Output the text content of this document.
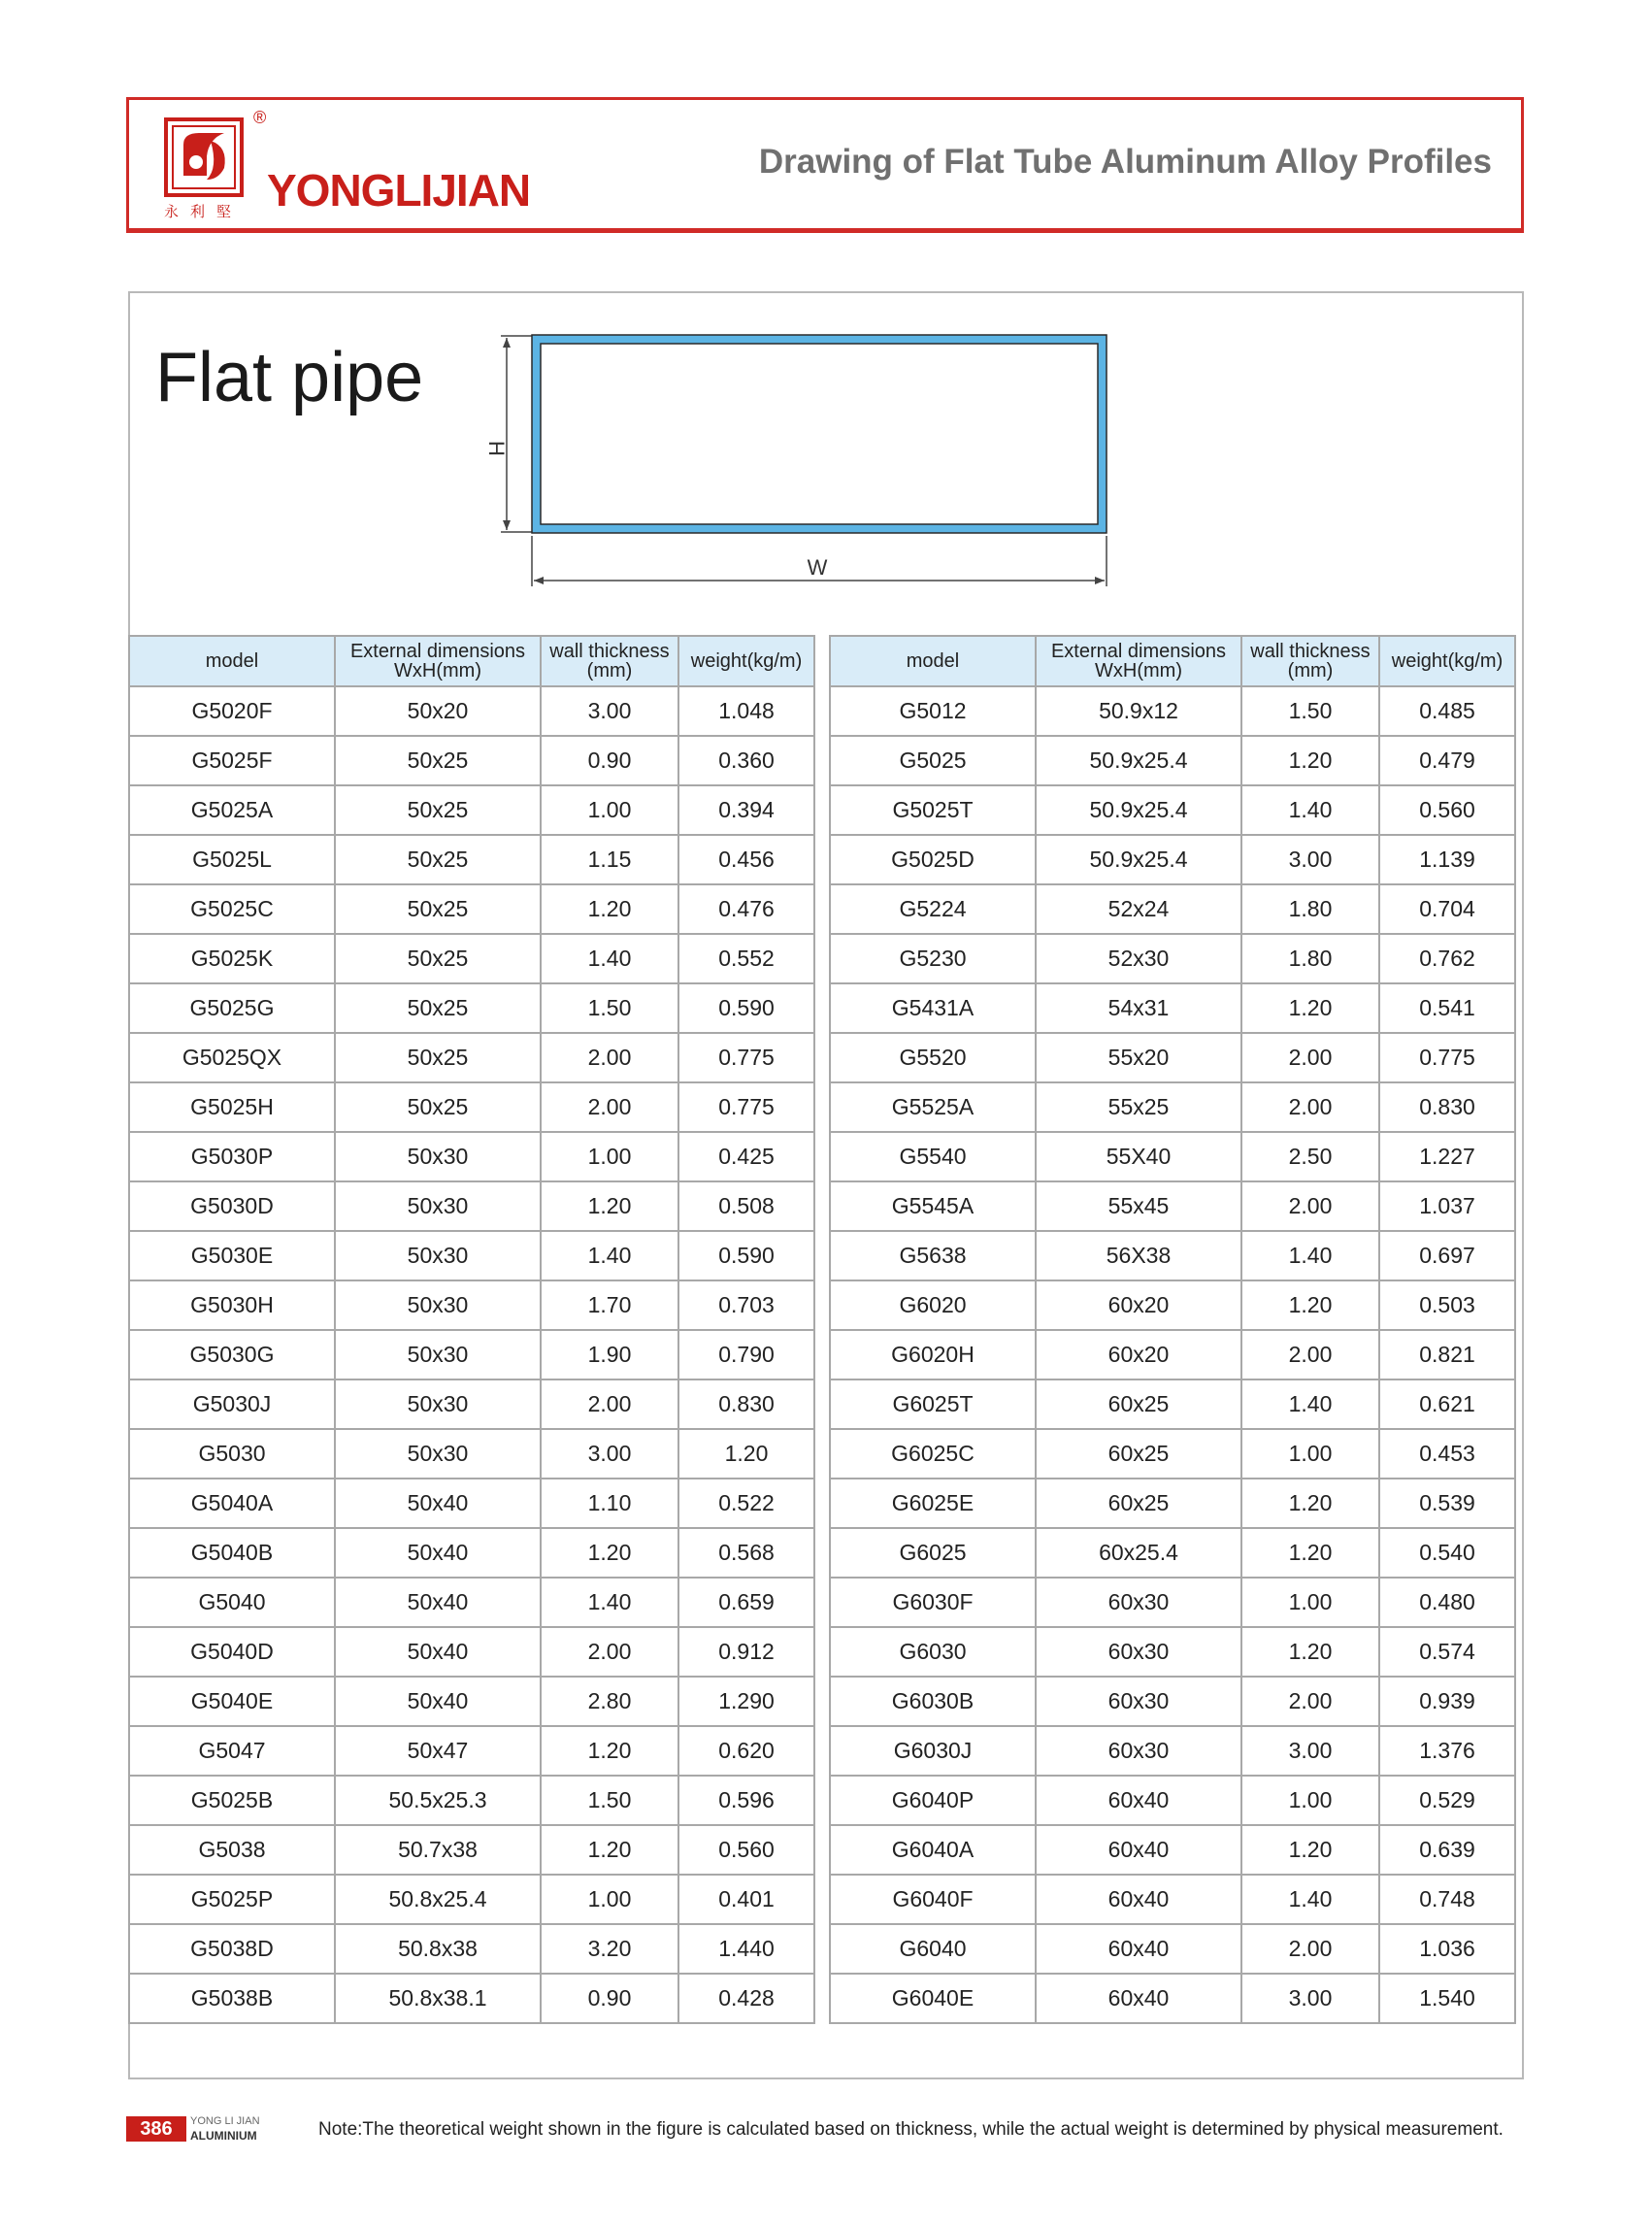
®
永利堅 YONGLIJIAN
Drawing of Flat Tube Aluminum Alloy Profiles
Flat pipe
H
W
model	External dimensions WxH(mm)	wall thickness (mm)	weight(kg/m)
G5020F	50x20	3.00	1.048
G5025F	50x25	0.90	0.360
G5025A	50x25	1.00	0.394
G5025L	50x25	1.15	0.456
G5025C	50x25	1.20	0.476
G5025K	50x25	1.40	0.552
G5025G	50x25	1.50	0.590
G5025QX	50x25	2.00	0.775
G5025H	50x25	2.00	0.775
G5030P	50x30	1.00	0.425
G5030D	50x30	1.20	0.508
G5030E	50x30	1.40	0.590
G5030H	50x30	1.70	0.703
G5030G	50x30	1.90	0.790
G5030J	50x30	2.00	0.830
G5030	50x30	3.00	1.20
G5040A	50x40	1.10	0.522
G5040B	50x40	1.20	0.568
G5040	50x40	1.40	0.659
G5040D	50x40	2.00	0.912
G5040E	50x40	2.80	1.290
G5047	50x47	1.20	0.620
G5025B	50.5x25.3	1.50	0.596
G5038	50.7x38	1.20	0.560
G5025P	50.8x25.4	1.00	0.401
G5038D	50.8x38	3.20	1.440
G5038B	50.8x38.1	0.90	0.428
model	External dimensions WxH(mm)	wall thickness (mm)	weight(kg/m)
G5012	50.9x12	1.50	0.485
G5025	50.9x25.4	1.20	0.479
G5025T	50.9x25.4	1.40	0.560
G5025D	50.9x25.4	3.00	1.139
G5224	52x24	1.80	0.704
G5230	52x30	1.80	0.762
G5431A	54x31	1.20	0.541
G5520	55x20	2.00	0.775
G5525A	55x25	2.00	0.830
G5540	55X40	2.50	1.227
G5545A	55x45	2.00	1.037
G5638	56X38	1.40	0.697
G6020	60x20	1.20	0.503
G6020H	60x20	2.00	0.821
G6025T	60x25	1.40	0.621
G6025C	60x25	1.00	0.453
G6025E	60x25	1.20	0.539
G6025	60x25.4	1.20	0.540
G6030F	60x30	1.00	0.480
G6030	60x30	1.20	0.574
G6030B	60x30	2.00	0.939
G6030J	60x30	3.00	1.376
G6040P	60x40	1.00	0.529
G6040A	60x40	1.20	0.639
G6040F	60x40	1.40	0.748
G6040	60x40	2.00	1.036
G6040E	60x40	3.00	1.540
386	YONG LI JIAN
ALUMINIUM	Note:The theoretical weight shown in the figure is calculated based on thickness, while the actual weight is determined by physical measurement.
